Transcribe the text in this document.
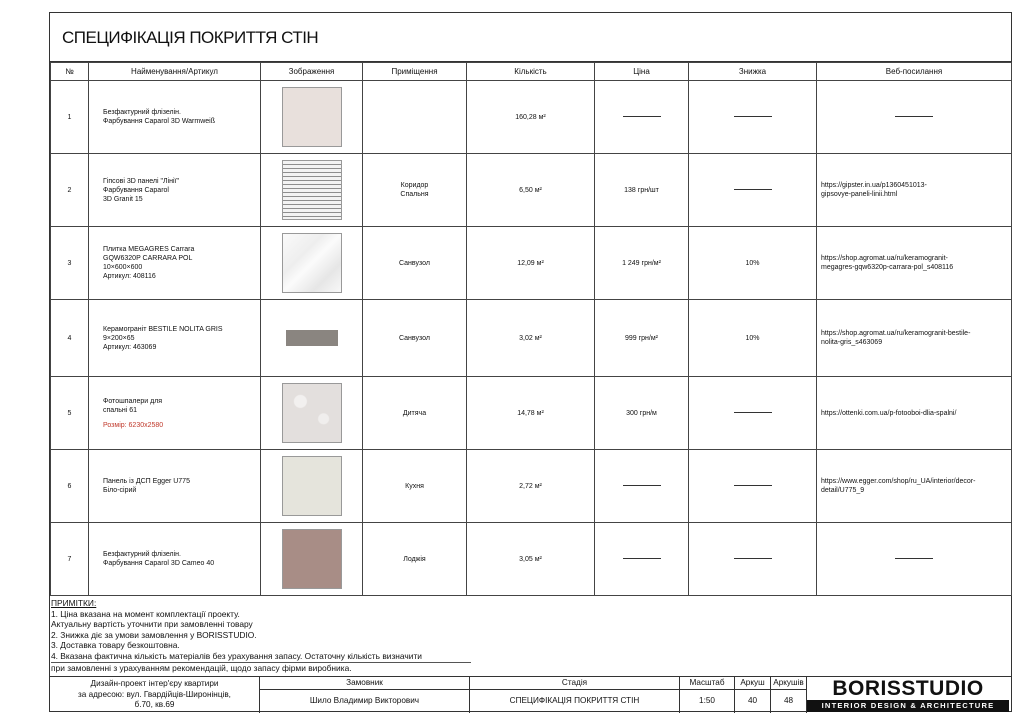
СПЕЦИФІКАЦІЯ ПОКРИТТЯ СТІН
№	Найменування/Артикул	Зображення	Приміщення	Кількість	Ціна	Знижка	Веб-посилання
1	Безфактурний флізелін.
Фарбування Caparol 3D Warmweiß			160,28 м²			
2	Гіпсові 3D панелі "Лінії"
Фарбування Caparol
3D Granit 15		Коридор
Спальня	6,50 м²	138 грн/шт		https://gipster.in.ua/p1360451013-
gipsovye-paneli-linii.html
3	Плитка MEGAGRES Carrara
GQW6320P CARRARA POL
10×600×600
Артикул: 408116		Санвузол	12,09 м²	1 249 грн/м²	10%	https://shop.agromat.ua/ru/keramogranit-
megagres-gqw6320p-carrara-pol_s408116
4	Керамограніт BESTILE NOLITA GRIS
9×200×65
Артикул: 463069		Санвузол	3,02 м²	999 грн/м²	10%	https://shop.agromat.ua/ru/keramogranit-bestile-
nolita-gris_s463069
5	Фотошпалери для
спальні 61
Розмір: 6230х2580		Дитяча	14,78 м²	300 грн/м		https://ottenki.com.ua/p-fotooboi-dlia-spalni/
6	Панель із ДСП Egger U775
Біло-сірий		Кухня	2,72 м²			https://www.egger.com/shop/ru_UA/interior/decor-
detail/U775_9
7	Безфактурний флізелін.
Фарбування Caparol 3D Cameo 40		Лоджія	3,05 м²			
ПРИМІТКИ:
1. Ціна вказана на момент комплектації проекту.
Актуальну вартість уточнити при замовленні товару
2. Знижка діє за умови замовлення у BORISSTUDIO.
3. Доставка товару безкоштовна.
4. Вказана фактична кількість матеріалів без урахування запасу. Остаточну кількість визначити
при замовленні з урахуванням рекомендацій, щодо запасу фірми виробника.
Дизайн-проект інтер'єру квартири
за адресою: вул. Гвардійців-Широнінців,
б.70, кв.69
Замовник
Шило Владимир Викторович
Стадія
СПЕЦИФІКАЦІЯ ПОКРИТТЯ СТІН
Масштаб
1:50
Аркуш
40
Аркушів
48
BORISSTUDIO
INTERIOR DESIGN & ARCHITECTURE
